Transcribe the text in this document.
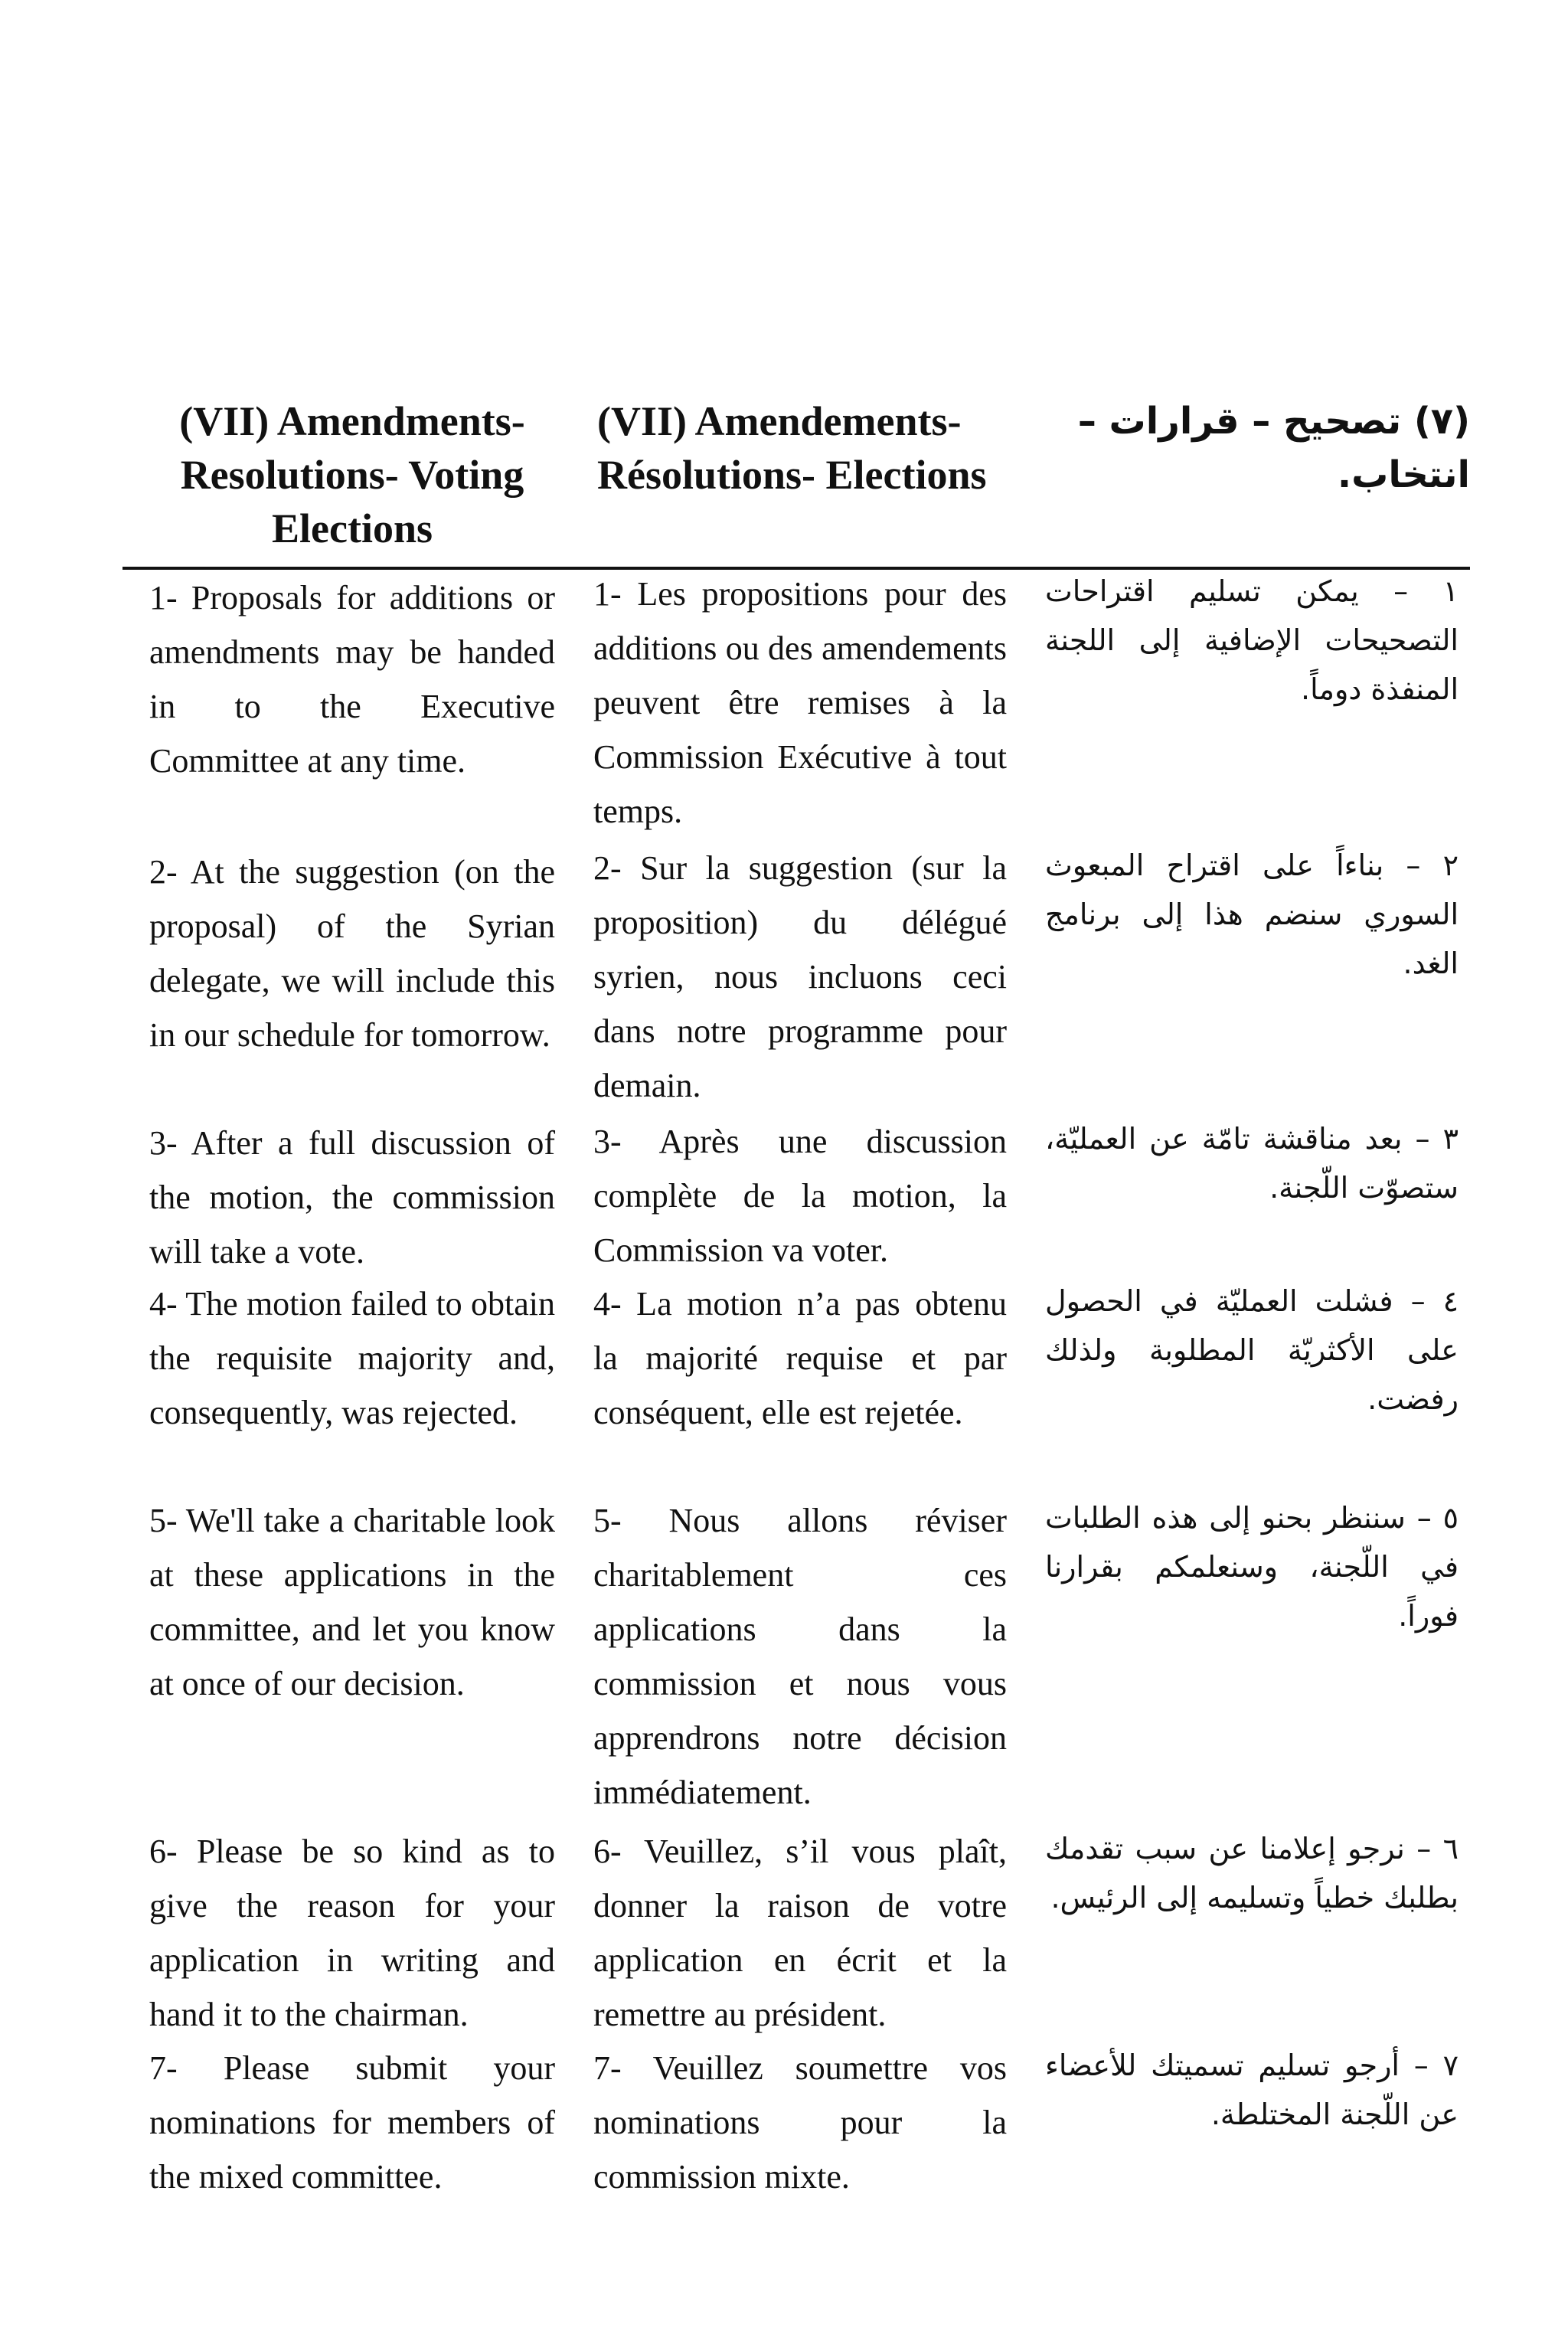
(VII) Amendments- Resolutions- Voting Elections
(VII) Amendements- Résolutions- Elections
(٧) تصحيح – قرارات – انتخاب.

1- Proposals for additions or amendments may be handed in to the Executive Committee at any time.

1- Les propositions pour des additions ou des amendements peuvent être remises à la Commission Exécutive à tout temps.

١ – يمكن تسليم اقتراحات التصحيحات الإضافية إلى اللجنة المنفذة دوماً.

2- At the suggestion (on the proposal) of the Syrian delegate, we will include this in our schedule for tomorrow.

2- Sur la suggestion (sur la proposition) du délégué syrien, nous incluons ceci dans notre programme pour demain.

٢ – بناءاً على اقتراح المبعوث السوري سنضم هذا إلى برنامج الغد.

3- After a full discussion of the motion, the commission will take a vote.

3- Après une discussion complète de la motion, la Commission va voter.

٣ – بعد مناقشة تامّة عن العمليّة، ستصوّت اللّجنة.

4- The motion failed to obtain the requisite majority and, consequently, was rejected.

4- La motion n’a pas obtenu la majorité requise et par conséquent, elle est rejetée.

٤ – فشلت العمليّة في الحصول على الأكثريّة المطلوبة ولذلك رفضت.

5- We'll take a charitable look at these applications in the committee, and let you know at once of our decision.

5- Nous allons réviser charitablement ces applications dans la commission et nous vous apprendrons notre décision immédiatement.

٥ – سننظر بحنو إلى هذه الطلبات في اللّجنة، وسنعلمكم بقرارنا فوراً.

6- Please be so kind as to give the reason for your application in writing and hand it to the chairman.

6- Veuillez, s’il vous plaît, donner la raison de votre application en écrit et la remettre au président.

٦ – نرجو إعلامنا عن سبب تقدمك بطلبك خطياً وتسليمه إلى الرئيس.

7- Please submit your nominations for members of the mixed committee.

7- Veuillez soumettre vos nominations pour la commission mixte.

٧ – أرجو تسليم تسميتك للأعضاء عن اللّجنة المختلطة.
